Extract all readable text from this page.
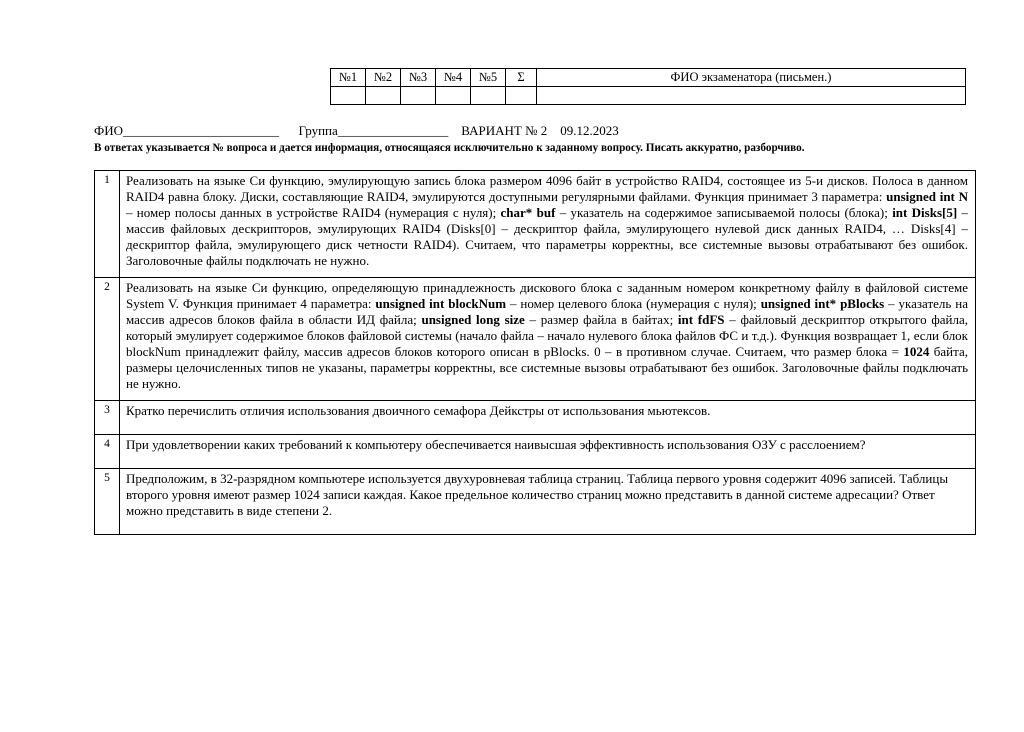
№1	№2	№3	№4	№5	Σ	ФИО экзаменатора (письмен.)

ФИО________________________ Группа_________________ ВАРИАНТ № 2 09.12.2023
В ответах указывается № вопроса и дается информация, относящаяся исключительно к заданному вопросу. Писать аккуратно, разборчиво.
1	Реализовать на языке Си функцию, эмулирующую запись блока размером 4096 байт в устройство RAID4, состоящее из 5-и дисков. Полоса в данном RAID4 равна блоку. Диски, составляющие RAID4, эмулируются доступными регулярными файлами. Функция принимает 3 параметра: unsigned int N – номер полосы данных в устройстве RAID4 (нумерация с нуля); char* buf – указатель на содержимое записываемой полосы (блока); int Disks[5] – массив файловых дескрипторов, эмулирующих RAID4 (Disks[0] – дескриптор файла, эмулирующего нулевой диск данных RAID4, … Disks[4] – дескриптор файла, эмулирующего диск четности RAID4). Считаем, что параметры корректны, все системные вызовы отрабатывают без ошибок. Заголовочные файлы подключать не нужно.
2	Реализовать на языке Си функцию, определяющую принадлежность дискового блока с заданным номером конкретному файлу в файловой системе System V. Функция принимает 4 параметра: unsigned int blockNum – номер целевого блока (нумерация с нуля); unsigned int* pBlocks – указатель на массив адресов блоков файла в области ИД файла; unsigned long size – размер файла в байтах; int fdFS – файловый дескриптор открытого файла, который эмулирует содержимое блоков файловой системы (начало файла – начало нулевого блока файлов ФС и т.д.). Функция возвращает 1, если блок blockNum принадлежит файлу, массив адресов блоков которого описан в pBlocks. 0 – в противном случае. Считаем, что размер блока = 1024 байта, размеры целочисленных типов не указаны, параметры корректны, все системные вызовы отрабатывают без ошибок. Заголовочные файлы подключать не нужно.
3	Кратко перечислить отличия использования двоичного семафора Дейкстры от использования мьютексов.
4	При удовлетворении каких требований к компьютеру обеспечивается наивысшая эффективность использования ОЗУ с расслоением?
5	Предположим, в 32-разрядном компьютере используется двухуровневая таблица страниц. Таблица первого уровня содержит 4096 записей. Таблицы второго уровня имеют размер 1024 записи каждая. Какое предельное количество страниц можно представить в данной системе адресации? Ответ можно представить в виде степени 2.
